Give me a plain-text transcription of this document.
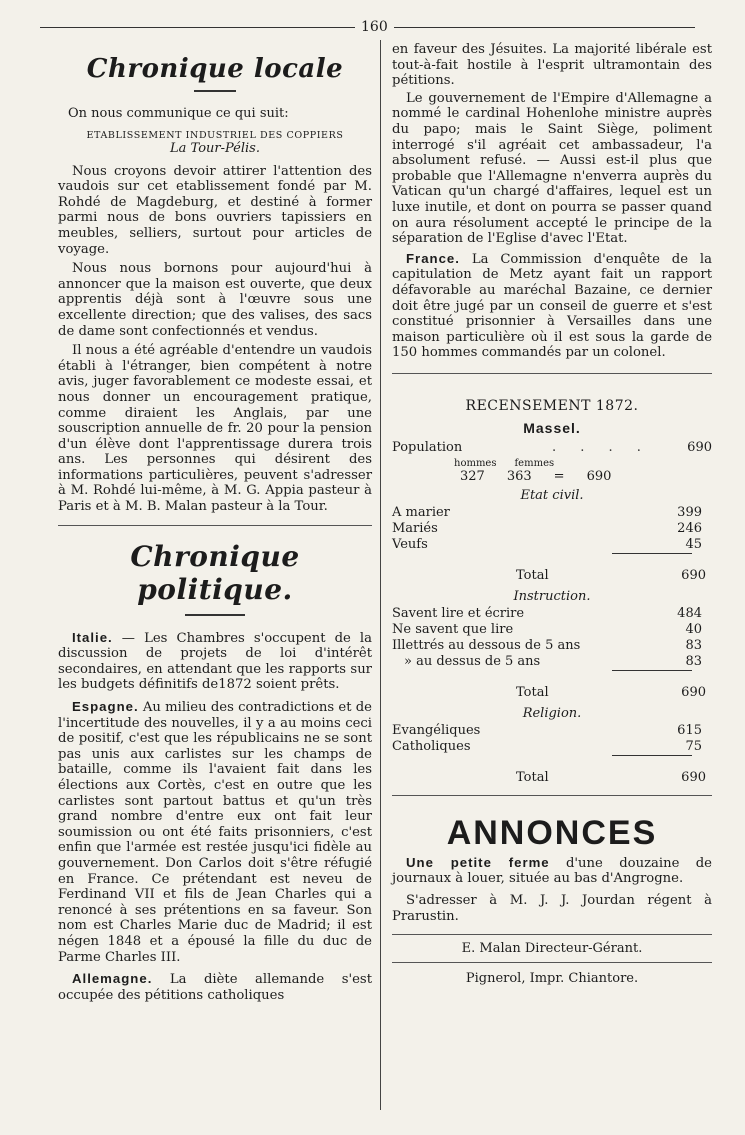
160
Chronique locale

On nous communique ce qui suit:

ETABLISSEMENT INDUSTRIEL DES COPPIERS
La Tour-Pélis.

Nous croyons devoir attirer l'attention des vaudois sur cet etablissement fondé par M. Rohdé de Magdeburg, et destiné à former parmi nous de bons ouvriers tapissiers en meubles, selliers, surtout pour articles de voyage.

Nous nous bornons pour aujourd'hui à annoncer que la maison est ouverte, que deux apprentis déjà sont à l'œuvre sous une excellente direction; que des valises, des sacs de dame sont confectionnés et vendus.

Il nous a été agréable d'entendre un vaudois établi à l'étranger, bien compétent à notre avis, juger favorablement ce modeste essai, et nous donner un encouragement pratique, comme diraient les Anglais, par une souscription annuelle de fr. 20 pour la pension d'un élève dont l'apprentissage durera trois ans. Les personnes qui désirent des informations particulières, peuvent s'adresser à M. Rohdé lui-même, à M. G. Appia pasteur à Paris et à M. B. Malan pasteur à la Tour.

Chronique politique.

Italie. — Les Chambres s'occupent de la discussion de projets de loi d'intérêt secondaires, en attendant que les rapports sur les budgets définitifs de1872 soient prêts.

Espagne. Au milieu des contradictions et de l'incertitude des nouvelles, il y a au moins ceci de positif, c'est que les républicains ne se sont pas unis aux carlistes sur les champs de bataille, comme ils l'avaient fait dans les élections aux Cortès, c'est en outre que les carlistes sont partout battus et qu'un très grand nombre d'entre eux ont fait leur soumission ou ont été faits prisonniers, c'est enfin que l'armée est restée jusqu'ici fidèle au gouvernement. Don Carlos doit s'être réfugié en France. Ce prétendant est neveu de Ferdinand VII et fils de Jean Charles qui a renoncé à ses prétentions en sa faveur. Son nom est Charles Marie duc de Madrid; il est négen 1848 et a épousé la fille du duc de Parme Charles III.

Allemagne. La diète allemande s'est occupée des pétitions catholiques

en faveur des Jésuites. La majorité libérale est tout-à-fait hostile à l'esprit ultramontain des pétitions.

Le gouvernement de l'Empire d'Allemagne a nommé le cardinal Hohenlohe ministre auprès du papo; mais le Saint Siège, poliment interrogé s'il agréait cet ambassadeur, l'a absolument refusé. — Aussi est-il plus que probable que l'Allemagne n'enverra auprès du Vatican qu'un chargé d'affaires, lequel est un luxe inutile, et dont on pourra se passer quand on aura résolument accepté le principe de la séparation de l'Eglise d'avec l'Etat.

France. La Commission d'enquête de la capitulation de Metz ayant fait un rapport défavorable au maréchal Bazaine, ce dernier doit être jugé par un conseil de guerre et s'est constitué prisonnier à Versailles dans une maison particulière où il est sous la garde de 150 hommes commandés par un colonel.

RECENSEMENT 1872.
Massel.
Population	. . . .	690
hommes femmes
327 363 = 690
Etat civil.
A marier	399
Mariés	246
Veufs	45
Total	690
Instruction.
Savent lire et écrire	484
Ne savent que lire	40
Illettrés au dessous de 5 ans	83
» au dessus de 5 ans	83
Total	690
Religion.
Evangéliques	615
Catholiques	75
Total	690
ANNONCES

Une petite ferme d'une douzaine de journaux à louer, située au bas d'Angrogne.

S'adresser à M. J. J. Jourdan régent à Prarustin.

E. Malan Directeur-Gérant.
Pignerol, Impr. Chiantore.
